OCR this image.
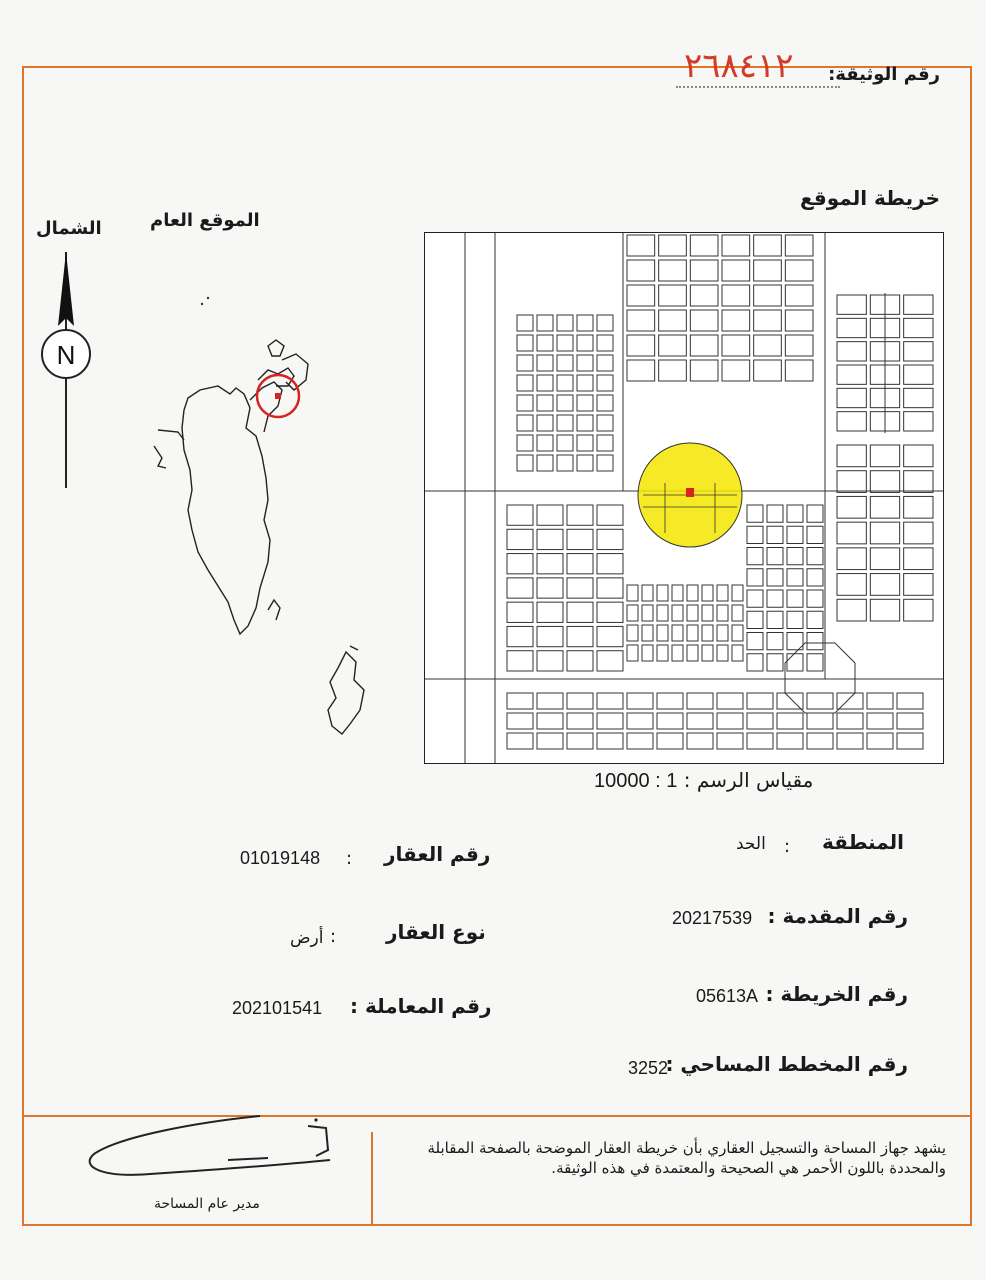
رقم الوثيقة:
٢٦٨٤١٢
خريطة الموقع
الموقع العام
الشمال
N
مقياس الرسم : 1 : 10000
المنطقة
:
الحد
رقم المقدمة :
20217539
رقم الخريطة :
05613A
رقم المخطط المساحي :
3252
رقم العقار
:
01019148
نوع العقار
:
أرض
رقم المعاملة :
202101541
يشهد جهاز المساحة والتسجيل العقاري بأن خريطة العقار الموضحة بالصفحة المقابلة والمحددة باللون الأحمر هي الصحيحة والمعتمدة في هذه الوثيقة.
مدير عام المساحة
